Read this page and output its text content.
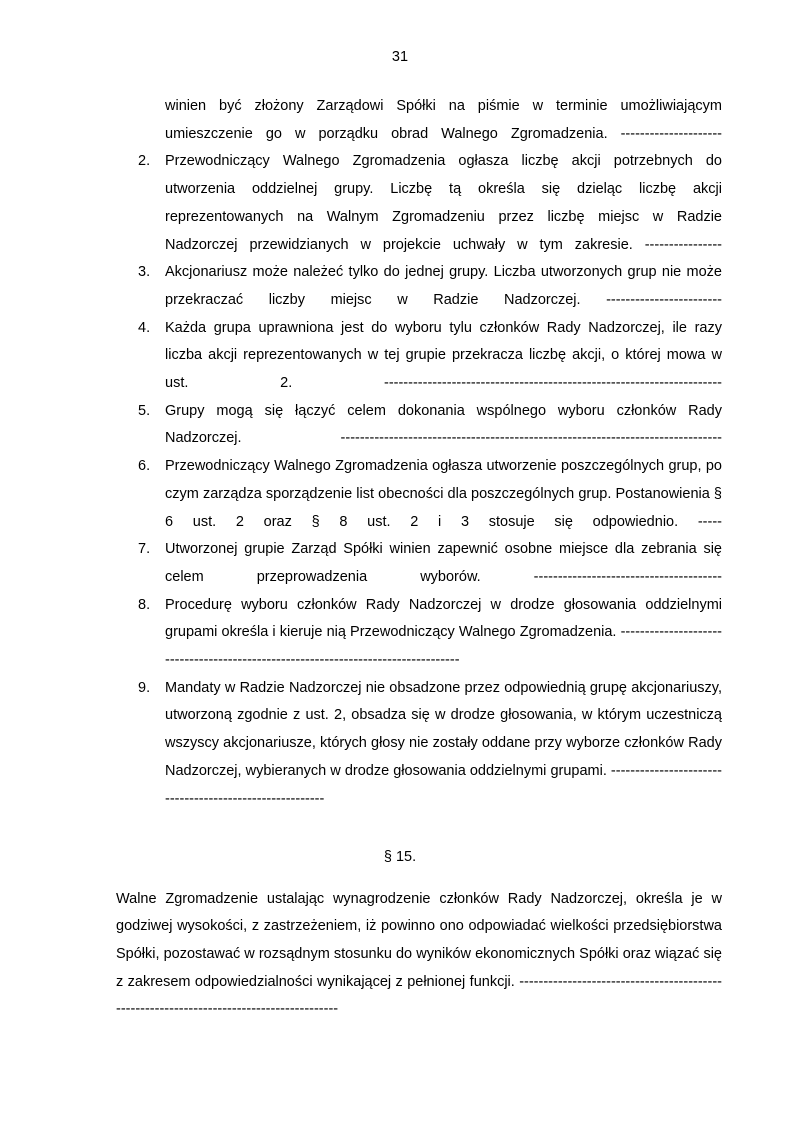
31

winien być złożony Zarządowi Spółki na piśmie w terminie umożliwiającym umieszczenie go w porządku obrad Walnego Zgromadzenia. ---------------------

2.	Przewodniczący Walnego Zgromadzenia ogłasza liczbę akcji potrzebnych do utworzenia oddzielnej grupy. Liczbę tą określa się dzieląc liczbę akcji reprezentowanych na Walnym Zgromadzeniu przez liczbę miejsc w Radzie Nadzorczej przewidzianych w projekcie uchwały w tym zakresie. ----------------
3.	Akcjonariusz może należeć tylko do jednej grupy. Liczba utworzonych grup nie może przekraczać liczby miejsc w Radzie Nadzorczej. ------------------------
4.	Każda grupa uprawniona jest do wyboru tylu członków Rady Nadzorczej, ile razy liczba akcji reprezentowanych w tej grupie przekracza liczbę akcji, o której mowa w ust. 2. ----------------------------------------------------------------------
5.	Grupy mogą się łączyć celem dokonania wspólnego wyboru członków Rady Nadzorczej. -------------------------------------------------------------------------------
6.	Przewodniczący Walnego Zgromadzenia ogłasza utworzenie poszczególnych grup, po czym zarządza sporządzenie list obecności dla poszczególnych grup. Postanowienia § 6 ust. 2 oraz § 8 ust. 2 i 3 stosuje się odpowiednio. -----
7.	Utworzonej grupie Zarząd Spółki winien zapewnić osobne miejsce dla zebrania się celem przeprowadzenia wyborów. ---------------------------------------
8.	Procedurę wyboru członków Rady Nadzorczej w drodze głosowania oddzielnymi grupami określa i kieruje nią Przewodniczący Walnego Zgromadzenia. ----------------------------------------------------------------------------------
9.	Mandaty w Radzie Nadzorczej nie obsadzone przez odpowiednią grupę akcjonariuszy, utworzoną zgodnie z ust. 2, obsadza się w drodze głosowania, w którym uczestniczą wszyscy akcjonariusze, których głosy nie zostały oddane przy wyborze członków Rady Nadzorczej, wybieranych w drodze głosowania oddzielnymi grupami. --------------------------------------------------------
§ 15.

Walne Zgromadzenie ustalając wynagrodzenie członków Rady Nadzorczej, określa je w godziwej wysokości, z zastrzeżeniem, iż powinno ono odpowiadać wielkości przedsiębiorstwa Spółki, pozostawać w rozsądnym stosunku do wyników ekonomicznych Spółki oraz wiązać się z zakresem odpowiedzialności wynikającej z pełnionej funkcji. ----------------------------------------------------------------------------------------
